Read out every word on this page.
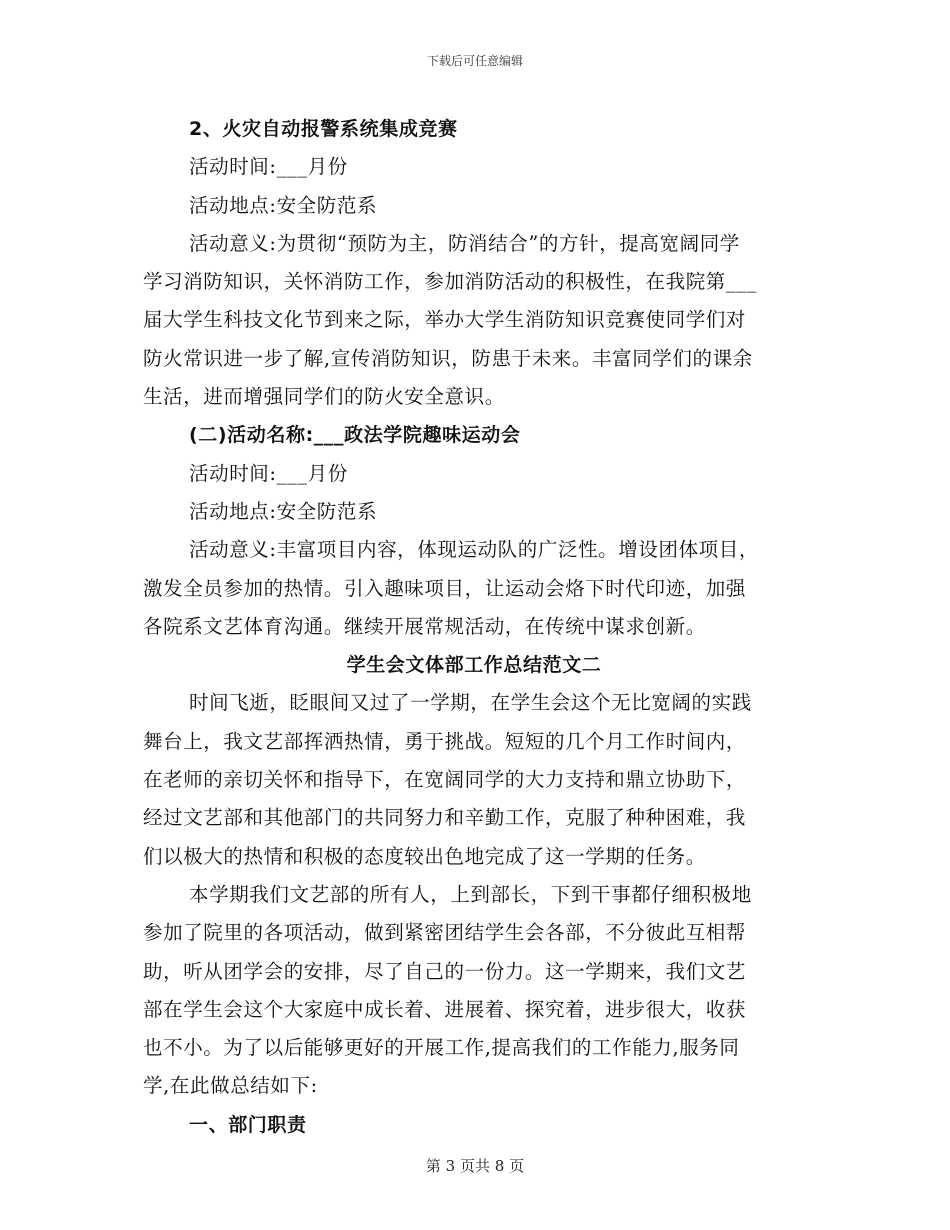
下载后可任意编辑
2、火灾自动报警系统集成竞赛
活动时间:___月份
活动地点:安全防范系
活动意义:为贯彻“预防为主，防消结合”的方针，提高宽阔同学
学习消防知识，关怀消防工作，参加消防活动的积极性，在我院第___
届大学生科技文化节到来之际，举办大学生消防知识竞赛使同学们对
防火常识进一步了解,宣传消防知识，防患于未来。丰富同学们的课余
生活，进而增强同学们的防火安全意识。
(二)活动名称:___政法学院趣味运动会
活动时间:___月份
活动地点:安全防范系
活动意义:丰富项目内容，体现运动队的广泛性。增设团体项目，
激发全员参加的热情。引入趣味项目，让运动会烙下时代印迹，加强
各院系文艺体育沟通。继续开展常规活动，在传统中谋求创新。
学生会文体部工作总结范文二
时间飞逝，眨眼间又过了一学期，在学生会这个无比宽阔的实践
舞台上，我文艺部挥洒热情，勇于挑战。短短的几个月工作时间内，
在老师的亲切关怀和指导下，在宽阔同学的大力支持和鼎立协助下，
经过文艺部和其他部门的共同努力和辛勤工作，克服了种种困难，我
们以极大的热情和积极的态度较出色地完成了这一学期的任务。
本学期我们文艺部的所有人，上到部长，下到干事都仔细积极地
参加了院里的各项活动，做到紧密团结学生会各部，不分彼此互相帮
助，听从团学会的安排，尽了自己的一份力。这一学期来，我们文艺
部在学生会这个大家庭中成长着、进展着、探究着，进步很大，收获
也不小。为了以后能够更好的开展工作,提高我们的工作能力,服务同
学,在此做总结如下:
一、部门职责
第 3 页共 8 页
